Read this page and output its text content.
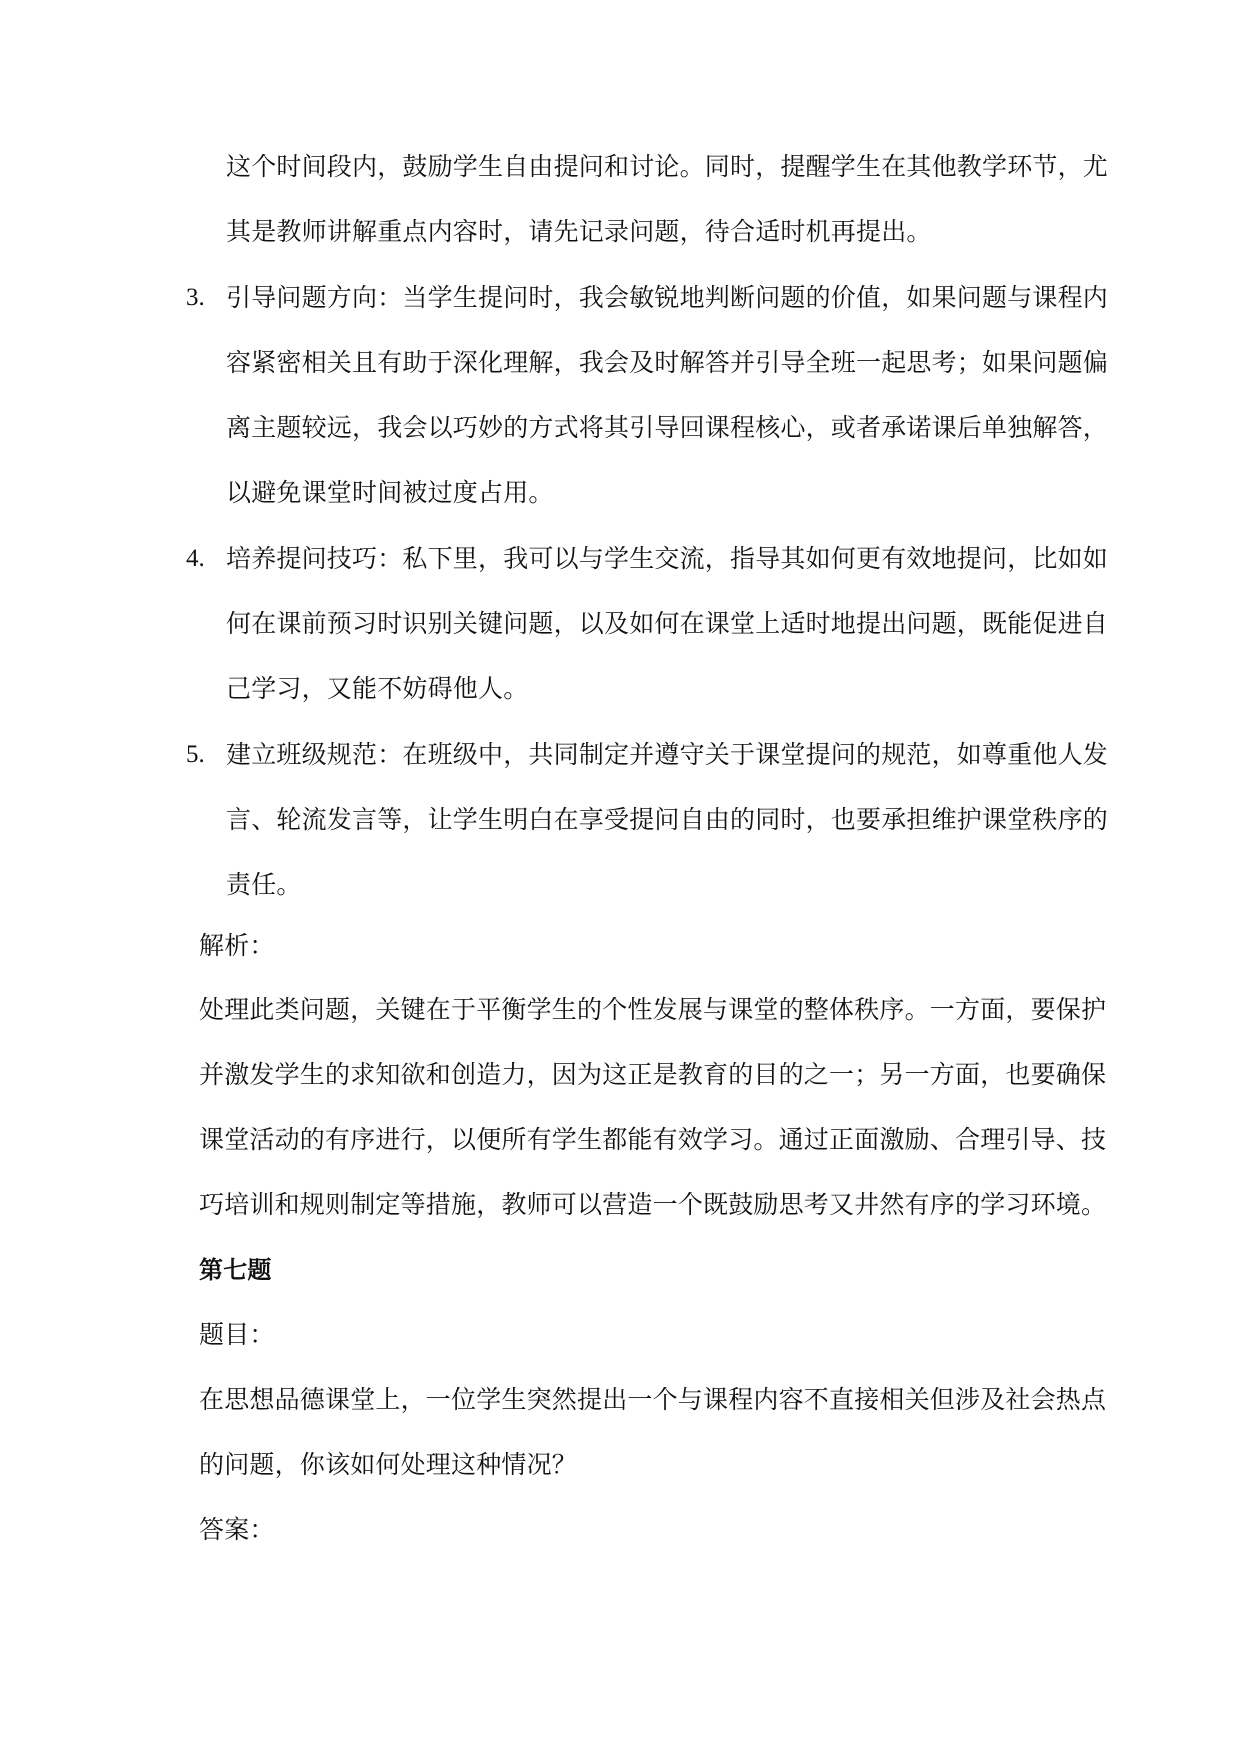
这个时间段内，鼓励学生自由提问和讨论。同时，提醒学生在其他教学环节，尤
其是教师讲解重点内容时，请先记录问题，待合适时机再提出。
3. 引导问题方向：当学生提问时，我会敏锐地判断问题的价值，如果问题与课程内
容紧密相关且有助于深化理解，我会及时解答并引导全班一起思考；如果问题偏
离主题较远，我会以巧妙的方式将其引导回课程核心，或者承诺课后单独解答，
以避免课堂时间被过度占用。
4. 培养提问技巧：私下里，我可以与学生交流，指导其如何更有效地提问，比如如
何在课前预习时识别关键问题，以及如何在课堂上适时地提出问题，既能促进自
己学习，又能不妨碍他人。
5. 建立班级规范：在班级中，共同制定并遵守关于课堂提问的规范，如尊重他人发
言、轮流发言等，让学生明白在享受提问自由的同时，也要承担维护课堂秩序的
责任。
解析：
处理此类问题，关键在于平衡学生的个性发展与课堂的整体秩序。一方面，要保护
并激发学生的求知欲和创造力，因为这正是教育的目的之一；另一方面，也要确保
课堂活动的有序进行，以便所有学生都能有效学习。通过正面激励、合理引导、技
巧培训和规则制定等措施，教师可以营造一个既鼓励思考又井然有序的学习环境。
第七题
题目：
在思想品德课堂上，一位学生突然提出一个与课程内容不直接相关但涉及社会热点
的问题，你该如何处理这种情况？
答案：
